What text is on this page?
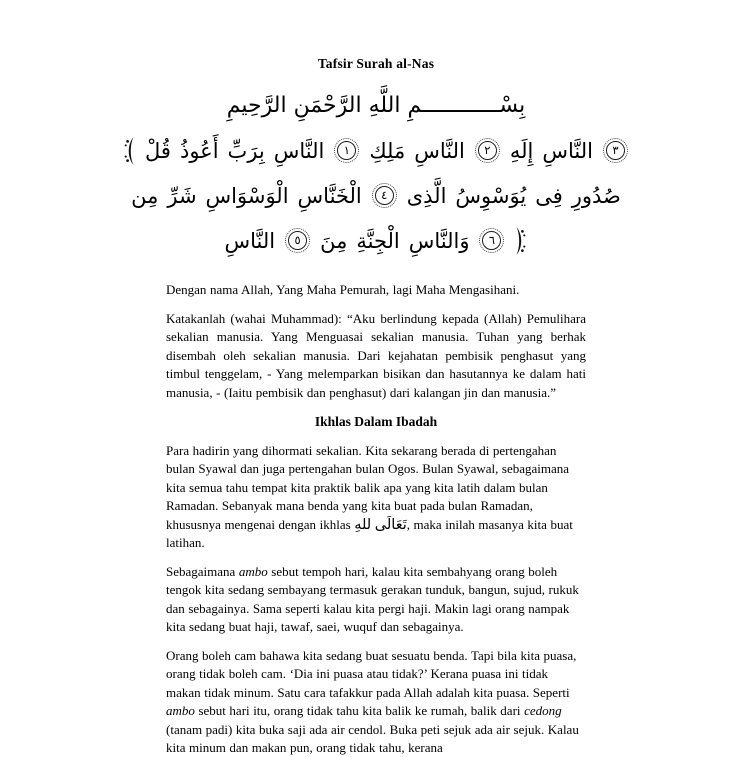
Tafsir Surah al-Nas
بِسْــــــــــــمِ اللَّهِ الرَّحْمَنِ الرَّحِيمِ
قُلْ أَعُوذُ بِرَبِّ النَّاسِ	١ مَلِكِ النَّاسِ	٢ إِلَهِ النَّاسِ	٣
مِن شَرِّ الْوَسْوَاسِ الْخَنَّاسِ	٤ الَّذِى يُوَسْوِسُ فِى صُدُورِ
النَّاسِ	٥ مِنَ الْجِنَّةِ وَالنَّاسِ	٦

Dengan nama Allah, Yang Maha Pemurah, lagi Maha Mengasihani.

Katakanlah (wahai Muhammad): “Aku berlindung kepada (Allah) Pemulihara sekalian manusia. Yang Menguasai sekalian manusia. Tuhan yang berhak disembah oleh sekalian manusia. Dari kejahatan pembisik penghasut yang timbul tenggelam, - Yang melemparkan bisikan dan hasutannya ke dalam hati manusia, - (Iaitu pembisik dan penghasut) dari kalangan jin dan manusia.”

Ikhlas Dalam Ibadah

Para hadirin yang dihormati sekalian. Kita sekarang berada di pertengahan bulan Syawal dan juga pertengahan bulan Ogos. Bulan Syawal, sebagaimana kita semua tahu tempat kita praktik balik apa yang kita latih dalam bulan Ramadan. Sebanyak mana benda yang kita buat pada bulan Ramadan, khususnya mengenai dengan ikhlas للهِ تَعَالَى, maka inilah masanya kita buat latihan.

Sebagaimana ambo sebut tempoh hari, kalau kita sembahyang orang boleh tengok kita sedang sembayang termasuk gerakan tunduk, bangun, sujud, rukuk dan sebagainya. Sama seperti kalau kita pergi haji. Makin lagi orang nampak kita sedang buat haji, tawaf, saei, wuquf dan sebagainya.

Orang boleh cam bahawa kita sedang buat sesuatu benda. Tapi bila kita puasa, orang tidak boleh cam. ‘Dia ini puasa atau tidak?’ Kerana puasa ini tidak makan tidak minum. Satu cara tafakkur pada Allah adalah kita puasa. Seperti ambo sebut hari itu, orang tidak tahu kita balik ke rumah, balik dari cedong (tanam padi) kita buka saji ada air cendol. Buka peti sejuk ada air sejuk. Kalau kita minum dan makan pun, orang tidak tahu, kerana
